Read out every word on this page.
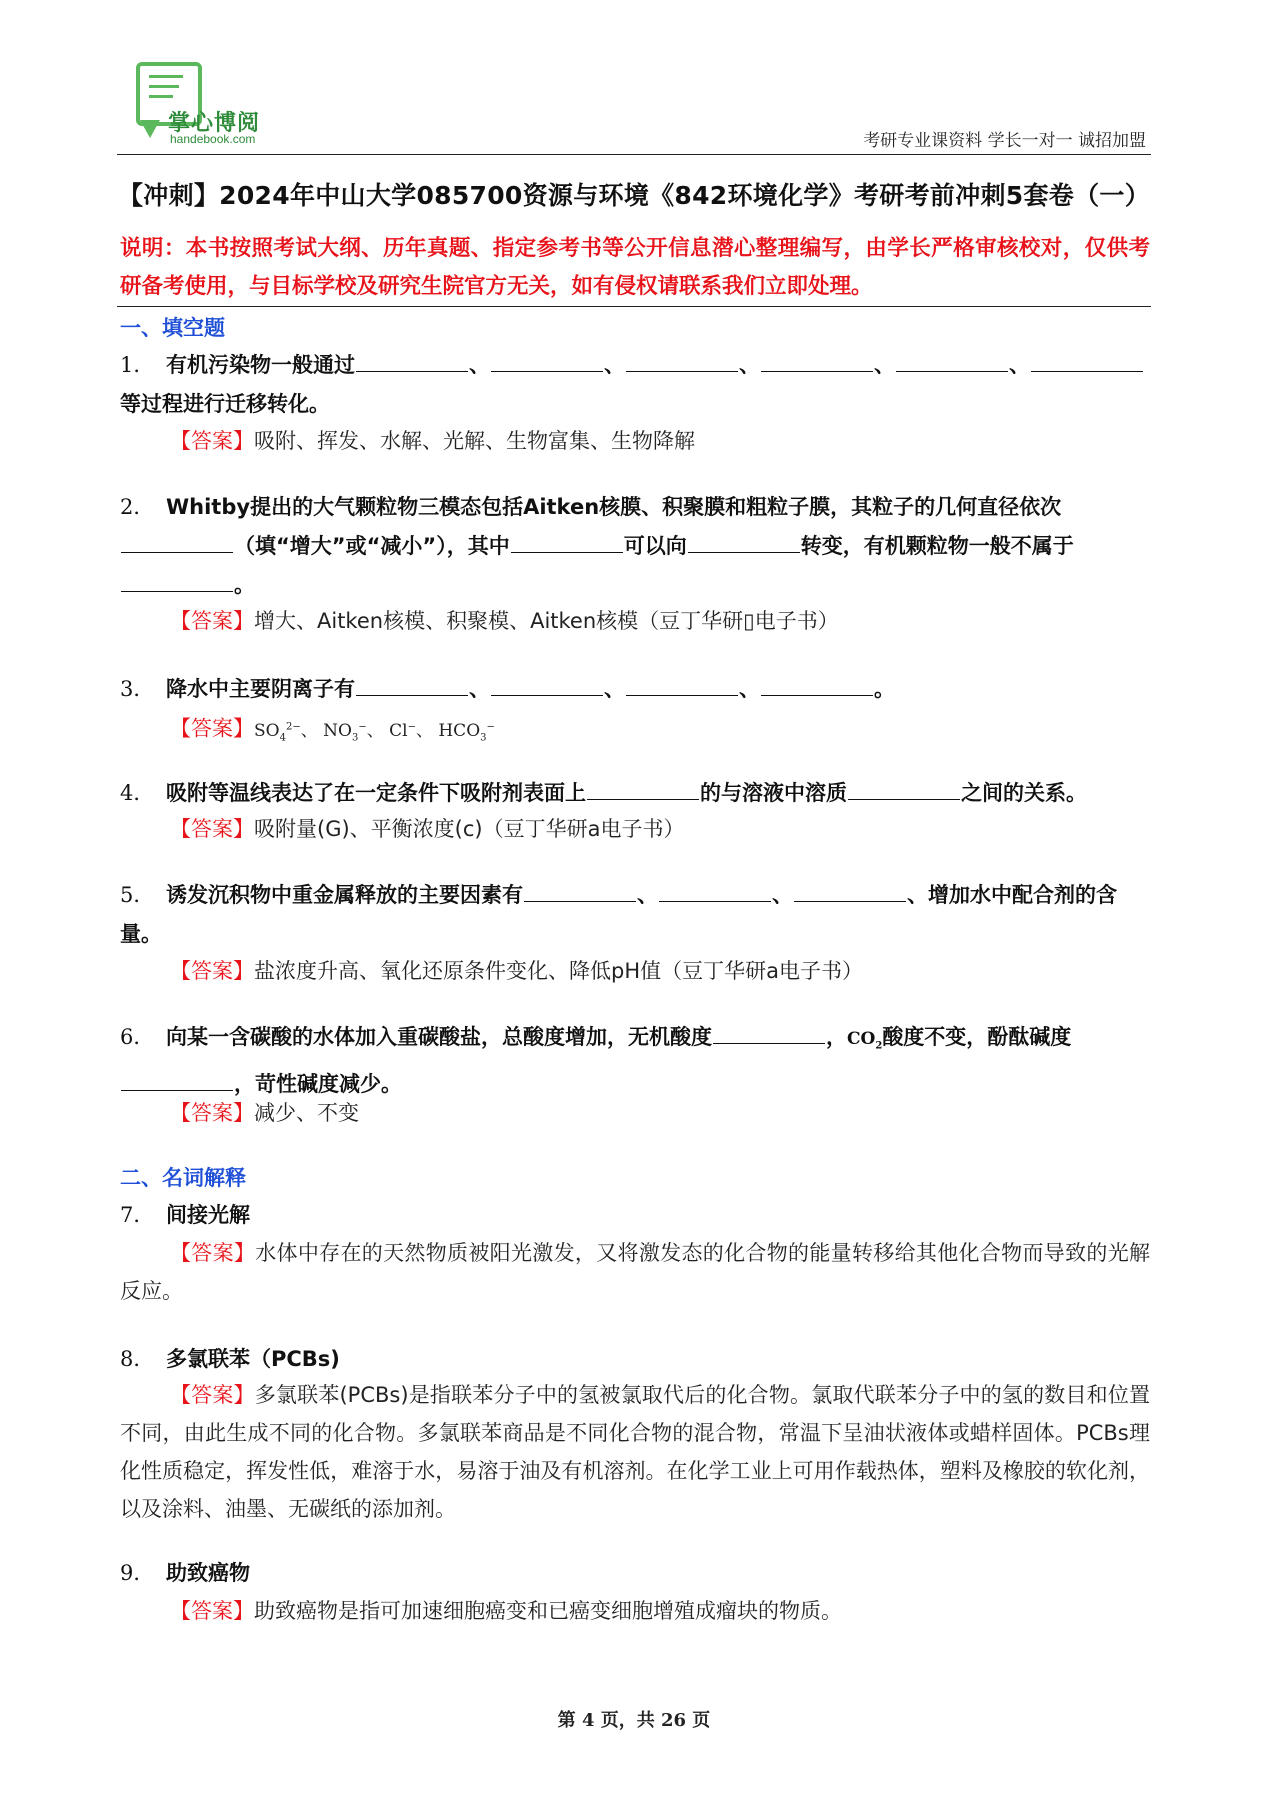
掌心博阅
handebook.com	考研专业课资料 学长一对一 诚招加盟
【冲刺】2024年中山大学085700资源与环境《842环境化学》考研考前冲刺5套卷（一）
说明：本书按照考试大纲、历年真题、指定参考书等公开信息潜心整理编写，由学长严格审核校对，仅供考研备考使用，与目标学校及研究生院官方无关，如有侵权请联系我们立即处理。
一、填空题
1． 有机污染物一般通过	、	、	、	、	、
等过程进行迁移转化。
【答案】吸附、挥发、水解、光解、生物富集、生物降解
2． Whitby提出的大气颗粒物三模态包括Aitken核膜、积聚膜和粗粒子膜，其粒子的几何直径依次
（填“增大”或“减小”），其中	可以向	转变，有机颗粒物一般不属于
。
【答案】增大、Aitken核模、积聚模、Aitken核模（豆丁华研▯电子书）
3． 降水中主要阴离子有	、	、	、	。
【答案】$SO_4^{2-}$、 $NO_3^-$、 Cl−、 $HCO_3^-$
4． 吸附等温线表达了在一定条件下吸附剂表面上	的与溶液中溶质	之间的关系。
【答案】吸附量(G)、平衡浓度(c)（豆丁华研a电子书）
5． 诱发沉积物中重金属释放的主要因素有	、	、	、增加水中配合剂的含量。
【答案】盐浓度升高、氧化还原条件变化、降低pH值（豆丁华研a电子书）
6． 向某一含碳酸的水体加入重碳酸盐，总酸度增加，无机酸度	，$CO_2$酸度不变，酚酞碱度
，苛性碱度减少。
【答案】减少、不变
二、名词解释
7． 间接光解
【答案】水体中存在的天然物质被阳光激发，又将激发态的化合物的能量转移给其他化合物而导致的光解反应。
8． 多氯联苯（PCBs)
【答案】多氯联苯(PCBs)是指联苯分子中的氢被氯取代后的化合物。氯取代联苯分子中的氢的数目和位置不同，由此生成不同的化合物。多氯联苯商品是不同化合物的混合物，常温下呈油状液体或蜡样固体。PCBs理化性质稳定，挥发性低，难溶于水，易溶于油及有机溶剂。在化学工业上可用作载热体，塑料及橡胶的软化剂，以及涂料、油墨、无碳纸的添加剂。
9． 助致癌物
【答案】助致癌物是指可加速细胞癌变和已癌变细胞增殖成瘤块的物质。
第 4 页，共 26 页
